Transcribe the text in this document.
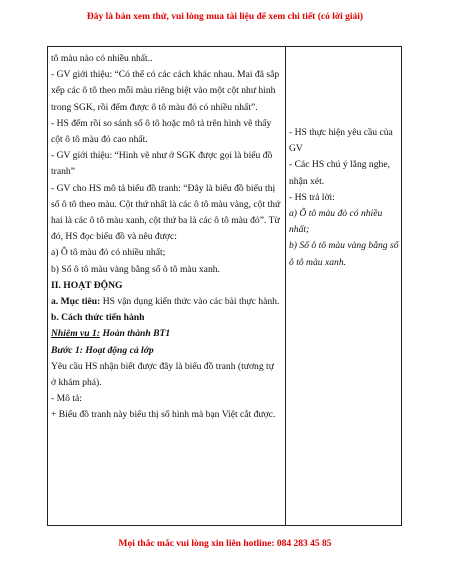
Đây là bản xem thử, vui lòng mua tài liệu để xem chi tiết (có lời giải)

tô màu nào có nhiều nhất..

- GV giới thiệu: “Có thể có các cách khác nhau. Mai đã sắp xếp các ô tô theo mỗi màu riêng biệt vào một cột như hình trong SGK, rồi đếm được ô tô màu đỏ có nhiều nhất”.

- HS đếm rồi so sánh số ô tô hoặc mô tả trên hình vẽ thấy cột ô tô màu đỏ cao nhất.

- GV giới thiệu: “Hình vẽ như ở SGK được gọi là biểu đồ tranh”

- GV cho HS mô tả biểu đồ tranh: “Đây là biểu đồ biểu thị số ô tô theo màu. Cột thứ nhất là các ô tô màu vàng, cột thứ hai là các ô tô màu xanh, cột thứ ba là các ô tô màu đỏ”. Từ đó, HS đọc biểu đồ và nêu được:

a) Ô tô màu đỏ có nhiều nhất;

b) Số ô tô màu vàng bằng số ô tô màu xanh.

II. HOẠT ĐỘNG

a. Mục tiêu: HS vận dụng kiến thức vào các bài thực hành.

b. Cách thức tiến hành

Nhiệm vụ 1: Hoàn thành BT1

Bước 1: Hoạt động cả lớp

Yêu cầu HS nhận biết được đây là biểu đồ tranh (tương tự ở khám phá).

- Mô tả:

+ Biểu đồ tranh này biểu thị số hình mà bạn Việt cắt được.

- HS thực hiện yêu cầu của GV

- Các HS chú ý lắng nghe, nhận xét.

- HS trả lời:

a) Ô tô màu đỏ có nhiều nhất;

b) Số ô tô màu vàng bằng số ô tô màu xanh.

Mọi thắc mắc vui lòng xin liên hotline: 084 283 45 85
